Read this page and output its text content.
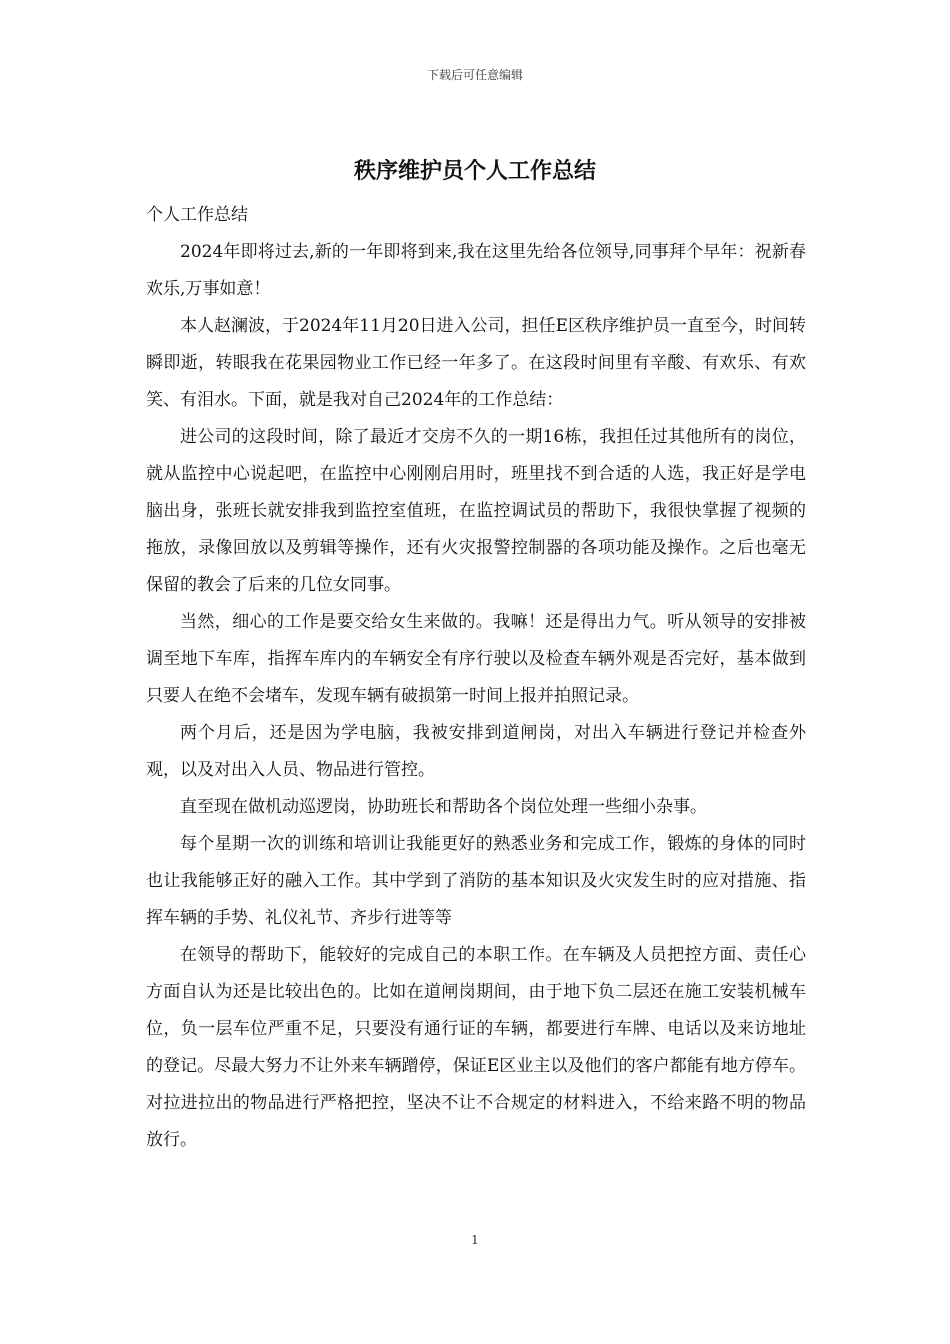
下载后可任意编辑
秩序维护员个人工作总结

个人工作总结

2024年即将过去,新的一年即将到来,我在这里先给各位领导,同事拜个早年：祝新春欢乐,万事如意！

本人赵澜波，于2024年11月20日进入公司，担任E区秩序维护员一直至今，时间转瞬即逝，转眼我在花果园物业工作已经一年多了。在这段时间里有辛酸、有欢乐、有欢笑、有泪水。下面，就是我对自己2024年的工作总结：

进公司的这段时间，除了最近才交房不久的一期16栋，我担任过其他所有的岗位，就从监控中心说起吧，在监控中心刚刚启用时，班里找不到合适的人选，我正好是学电脑出身，张班长就安排我到监控室值班，在监控调试员的帮助下，我很快掌握了视频的拖放，录像回放以及剪辑等操作，还有火灾报警控制器的各项功能及操作。之后也毫无保留的教会了后来的几位女同事。

当然，细心的工作是要交给女生来做的。我嘛！还是得出力气。听从领导的安排被调至地下车库，指挥车库内的车辆安全有序行驶以及检查车辆外观是否完好，基本做到只要人在绝不会堵车，发现车辆有破损第一时间上报并拍照记录。

两个月后，还是因为学电脑，我被安排到道闸岗，对出入车辆进行登记并检查外观，以及对出入人员、物品进行管控。

直至现在做机动巡逻岗，协助班长和帮助各个岗位处理一些细小杂事。

每个星期一次的训练和培训让我能更好的熟悉业务和完成工作，锻炼的身体的同时也让我能够正好的融入工作。其中学到了消防的基本知识及火灾发生时的应对措施、指挥车辆的手势、礼仪礼节、齐步行进等等

在领导的帮助下，能较好的完成自己的本职工作。在车辆及人员把控方面、责任心方面自认为还是比较出色的。比如在道闸岗期间，由于地下负二层还在施工安装机械车位，负一层车位严重不足，只要没有通行证的车辆，都要进行车牌、电话以及来访地址的登记。尽最大努力不让外来车辆蹭停，保证E区业主以及他们的客户都能有地方停车。对拉进拉出的物品进行严格把控，坚决不让不合规定的材料进入，不给来路不明的物品放行。

1
